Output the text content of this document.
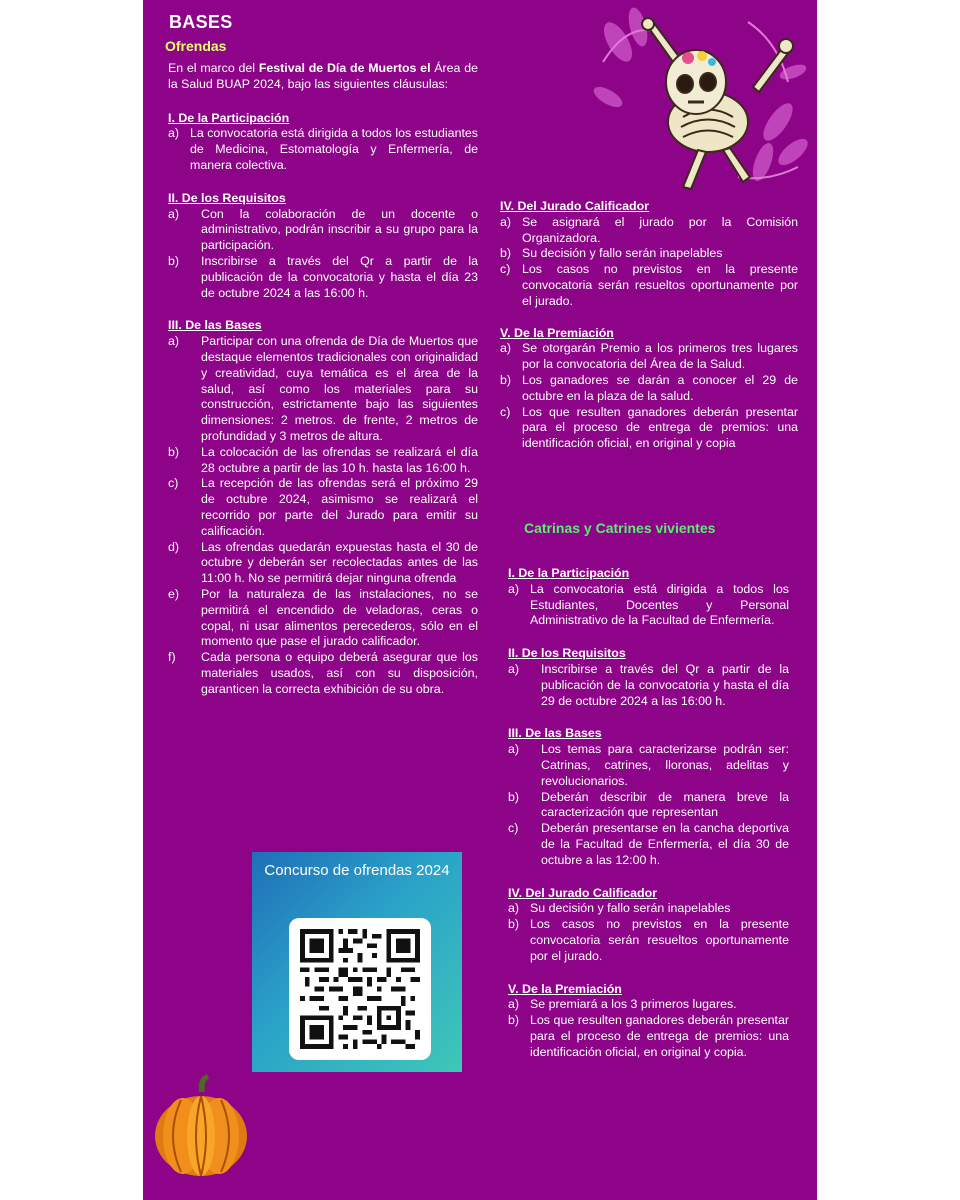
BASES
Ofrendas
En el marco del Festival de Día de Muertos el Área de la Salud BUAP 2024, bajo las siguientes cláusulas:
I. De la Participación
a) La convocatoria está dirigida a todos los estudiantes de Medicina, Estomatología y Enfermería, de manera colectiva.
II. De los Requisitos
a)	Con la colaboración de un docente o administrativo, podrán inscribir a su grupo para la participación.
b)	Inscribirse a través del Qr a partir de la publicación de la convocatoria y hasta el día 23 de octubre 2024 a las 16:00 h.
III. De las Bases
a)	Participar con una ofrenda de Día de Muertos que destaque elementos tradicionales con originalidad y creatividad, cuya temática es el área de la salud, así como los materiales para su construcción, estrictamente bajo las siguientes dimensiones: 2 metros. de frente, 2 metros de profundidad y 3 metros de altura.
b)	La colocación de las ofrendas se realizará el día 28 octubre a partir de las 10 h. hasta las 16:00 h.
c)	La recepción de las ofrendas será el próximo 29 de octubre 2024, asimismo se realizará el recorrido por parte del Jurado para emitir su calificación.
d)	Las ofrendas quedarán expuestas hasta el 30 de octubre y deberán ser recolectadas antes de las 11:00 h. No se permitirá dejar ninguna ofrenda
e)	Por la naturaleza de las instalaciones, no se permitirá el encendido de veladoras, ceras o copal, ni usar alimentos perecederos, sólo en el momento que pase el jurado calificador.
f)	Cada persona o equipo deberá asegurar que los materiales usados, así con su disposición, garanticen la correcta exhibición de su obra.
IV. Del Jurado Calificador
a) Se asignará el jurado por la Comisión Organizadora.
b) Su decisión y fallo serán inapelables
c) Los casos no previstos en la presente convocatoria serán resueltos oportunamente por el jurado.
V. De la Premiación
a) Se otorgarán Premio a los primeros tres lugares por la convocatoria del Área de la Salud.
b) Los ganadores se darán a conocer el 29 de octubre en la plaza de la salud.
c) Los que resulten ganadores deberán presentar para el proceso de entrega de premios: una identificación oficial, en original y copia
Catrinas y Catrines vivientes
I. De la Participación
a) La convocatoria está dirigida a todos los Estudiantes, Docentes y Personal Administrativo de la Facultad de Enfermería.
II. De los Requisitos
a)	Inscribirse a través del Qr a partir de la publicación de la convocatoria y hasta el día 29 de octubre 2024 a las 16:00 h.
III. De las Bases
a)	Los temas para caracterizarse podrán ser: Catrinas, catrines, lloronas, adelitas y revolucionarios.
b)	Deberán describir de manera breve la caracterización que representan
c)	Deberán presentarse en la cancha deportiva de la Facultad de Enfermería, el día 30 de octubre a las 12:00 h.
IV. Del Jurado Calificador
a) Su decisión y fallo serán inapelables
b) Los casos no previstos en la presente convocatoria serán resueltos oportunamente por el jurado.
V. De la Premiación
a) Se premiará a los 3 primeros lugares.
b) Los que resulten ganadores deberán presentar para el proceso de entrega de premios: una identificación oficial, en original y copia.
Concurso de ofrendas 2024
